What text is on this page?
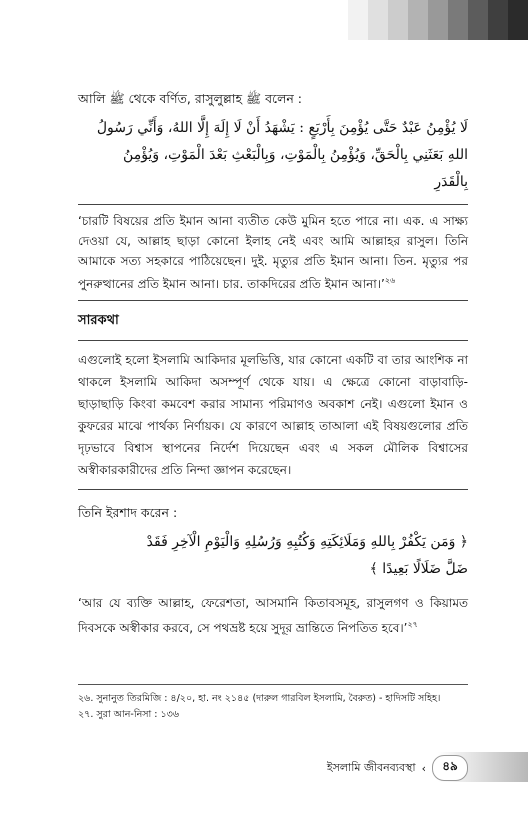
আলি ﷺ থেকে বর্ণিত, রাসুলুল্লাহ ﷺ বলেন :

لَا يُؤْمِنُ عَبْدٌ حَتَّى يُؤْمِنَ بِأَرْبَعٍ : يَشْهَدُ أَنْ لَا إِلَهَ إِلَّا اللهُ، وَأَنِّي رَسُولُ
اللهِ بَعَثَنِي بِالْحَقِّ، وَيُؤْمِنُ بِالْمَوْتِ، وَبِالْبَعْثِ بَعْدَ الْمَوْتِ، وَيُؤْمِنُ
بِالْقَدَرِ
‘চারটি বিষয়ের প্রতি ইমান আনা ব্যতীত কেউ মুমিন হতে পারে না। এক. এ সাক্ষ্য দেওয়া যে, আল্লাহ ছাড়া কোনো ইলাহ নেই এবং আমি আল্লাহর রাসুল। তিনি আমাকে সত্য সহকারে পাঠিয়েছেন। দুই. মৃত্যুর প্রতি ইমান আনা। তিন. মৃত্যুর পর পুনরুত্থানের প্রতি ইমান আনা। চার. তাকদিরের প্রতি ইমান আনা।’$^{২৬}$
সারকথা
এগুলোই হলো ইসলামি আকিদার মূলভিত্তি, যার কোনো একটি বা তার আংশিক না থাকলে ইসলামি আকিদা অসম্পূর্ণ থেকে যায়। এ ক্ষেত্রে কোনো বাড়াবাড়ি-ছাড়াছাড়ি কিংবা কমবেশ করার সামান্য পরিমাণও অবকাশ নেই। এগুলো ইমান ও কুফরের মাঝে পার্থক্য নির্ণায়ক। যে কারণে আল্লাহ তাআলা এই বিষয়গুলোর প্রতি দৃঢ়ভাবে বিশ্বাস স্থাপনের নির্দেশ দিয়েছেন এবং এ সকল মৌলিক বিশ্বাসের অস্বীকারকারীদের প্রতি নিন্দা জ্ঞাপন করেছেন।

তিনি ইরশাদ করেন :

﴿ وَمَن يَكْفُرْ بِاللهِ وَمَلَائِكَتِهِ وَكُتُبِهِ وَرُسُلِهِ وَالْيَوْمِ الْآخِرِ فَقَدْ
ضَلَّ ضَلَالًا بَعِيدًا ﴾
‘আর যে ব্যক্তি আল্লাহ, ফেরেশতা, আসমানি কিতাবসমূহ, রাসুলগণ ও কিয়ামত দিবসকে অস্বীকার করবে, সে পথভ্রষ্ট হয়ে সুদূর ভ্রান্তিতে নিপতিত হবে।’$^{২৭}$
২৬. সুনানুত তিরমিজি : ৪/২০, হা. নং ২১৪৫ (দারুল গারবিল ইসলামি, বৈরুত) - হাদিসটি সহিহ।
২৭. সুরা আন-নিসা : ১৩৬
ইসলামি জীবনব্যবস্থা ‹	৪৯
